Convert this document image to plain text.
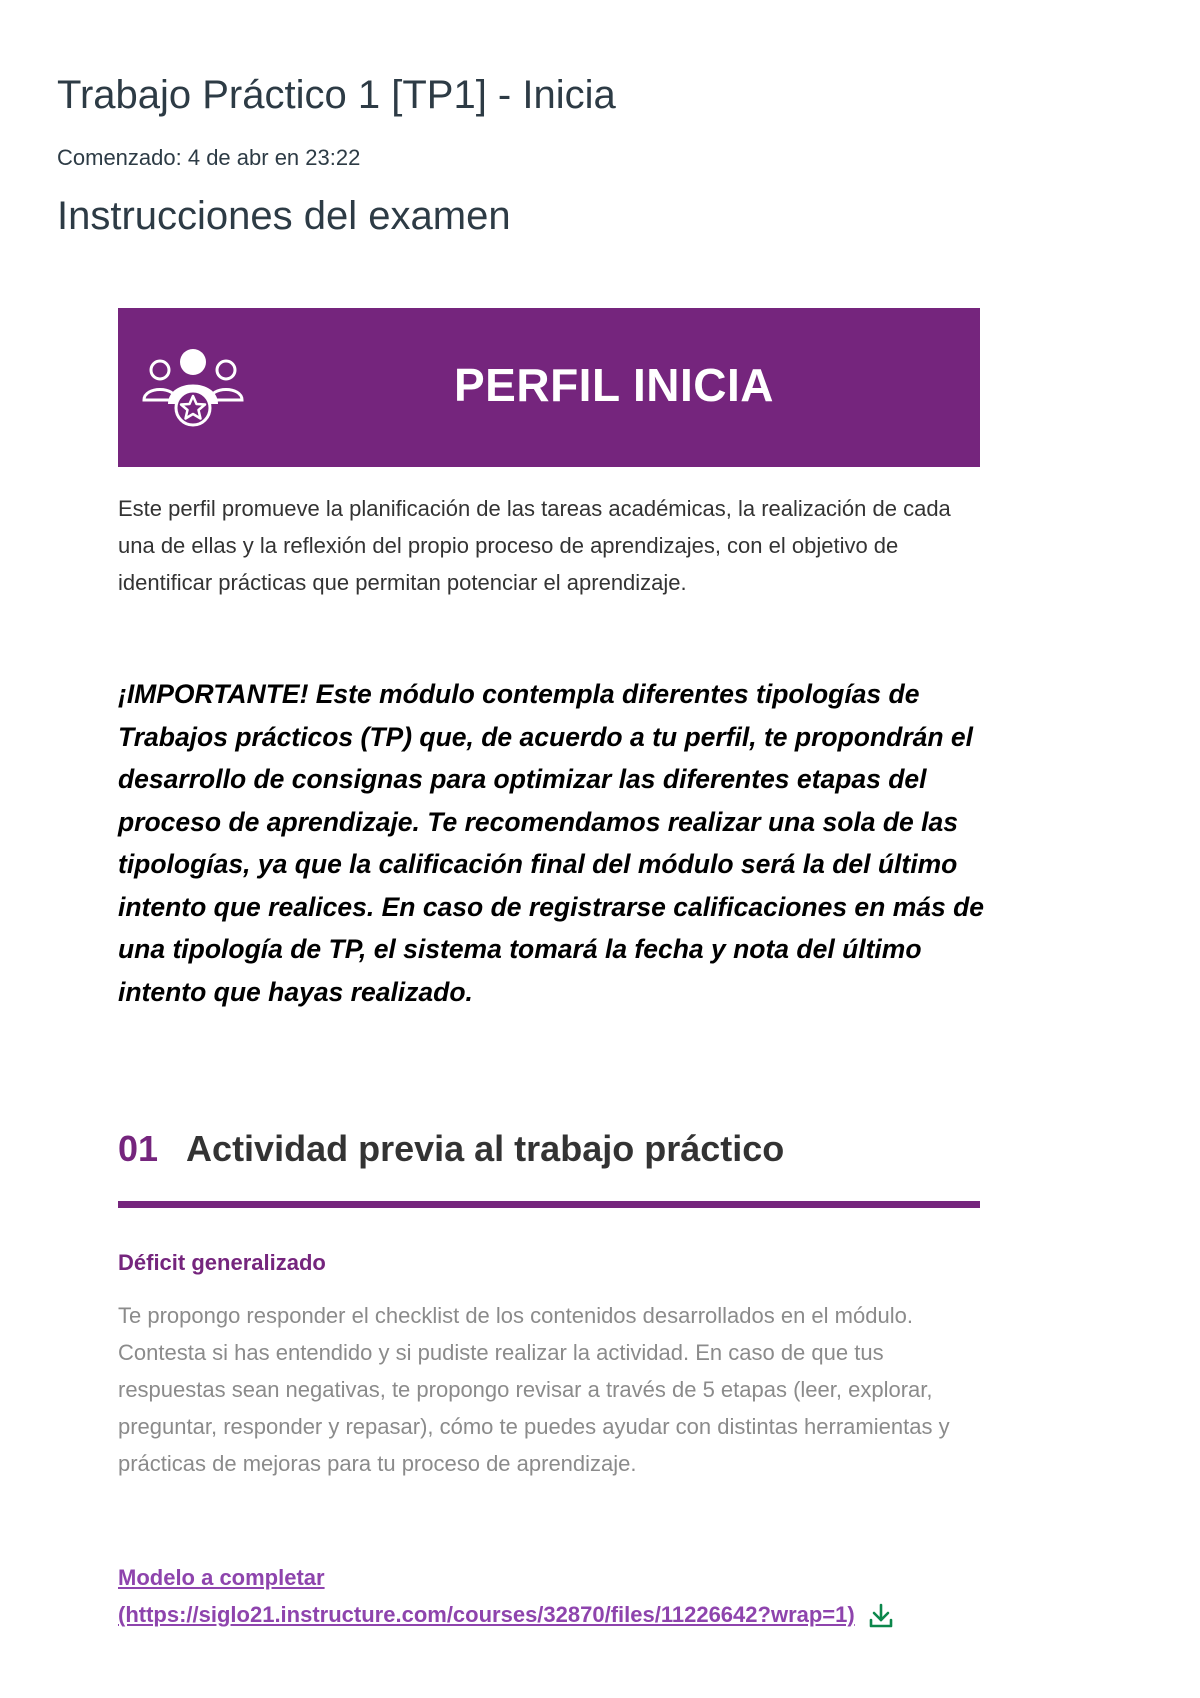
Trabajo Práctico 1 [TP1] - Inicia
Comenzado: 4 de abr en 23:22
Instrucciones del examen
PERFIL INICIA

Este perfil promueve la planificación de las tareas académicas, la realización de cada una de ellas y la reflexión del propio proceso de aprendizajes, con el objetivo de identificar prácticas que permitan potenciar el aprendizaje.

¡IMPORTANTE! Este módulo contempla diferentes tipologías de Trabajos prácticos (TP) que, de acuerdo a tu perfil, te propondrán el desarrollo de consignas para optimizar las diferentes etapas del proceso de aprendizaje. Te recomendamos realizar una sola de las tipologías, ya que la calificación final del módulo será la del último intento que realices. En caso de registrarse calificaciones en más de una tipología de TP, el sistema tomará la fecha y nota del último intento que hayas realizado.

01 Actividad previa al trabajo práctico
Déficit generalizado

Te propongo responder el checklist de los contenidos desarrollados en el módulo. Contesta si has entendido y si pudiste realizar la actividad. En caso de que tus respuestas sean negativas, te propongo revisar a través de 5 etapas (leer, explorar, preguntar, responder y repasar), cómo te puedes ayudar con distintas herramientas y prácticas de mejoras para tu proceso de aprendizaje.

Modelo a completar
(https://siglo21.instructure.com/courses/32870/files/11226642?wrap=1)
